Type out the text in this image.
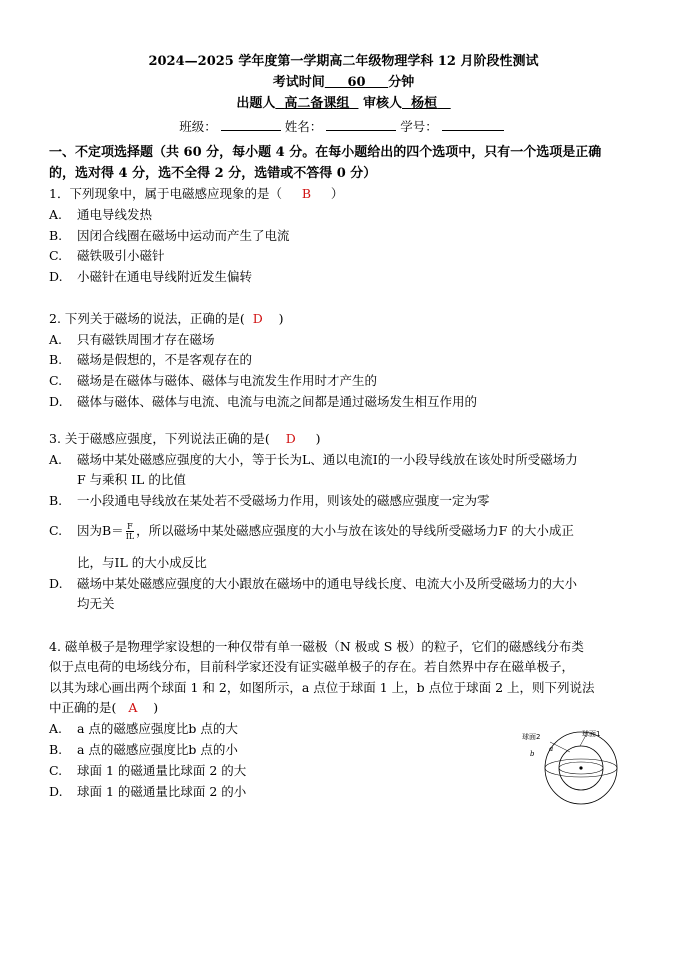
2024—2025 学年度第一学期高二年级物理学科 12 月阶段性测试
考试时间 60 分钟
出题人 高二备课组 审核人 杨桓
班级：	姓名：	学号：
一、不定项选择题（共 60 分，每小题 4 分。在每小题给出的四个选项中，只有一个选项是正确
的，选对得 4 分，选不全得 2 分，选错或不答得 0 分）
1．下列现象中，属于电磁感应现象的是（ B ）
A. 通电导线发热
B. 因闭合线圈在磁场中运动而产生了电流
C. 磁铁吸引小磁针
D. 小磁针在通电导线附近发生偏转
2. 下列关于磁场的说法，正确的是( D )
A. 只有磁铁周围才存在磁场
B. 磁场是假想的，不是客观存在的
C. 磁场是在磁体与磁体、磁体与电流发生作用时才产生的
D. 磁体与磁体、磁体与电流、电流与电流之间都是通过磁场发生相互作用的
3. 关于磁感应强度，下列说法正确的是( D )
A. 磁场中某处磁感应强度的大小，等于长为L、通以电流I的一小段导线放在该处时所受磁场力
F 与乘积 IL 的比值
B. 一小段通电导线放在某处若不受磁场力作用，则该处的磁感应强度一定为零
C. 因为$B= \frac{F}{IL}$ ，所以磁场中某处磁感应强度的大小与放在该处的导线所受磁场力F 的大小成正
比，与IL 的大小成反比
D. 磁场中某处磁感应强度的大小跟放在磁场中的通电导线长度、电流大小及所受磁场力的大小
均无关
4. 磁单极子是物理学家设想的一种仅带有单一磁极（N 极或 S 极）的粒子，它们的磁感线分布类
似于点电荷的电场线分布，目前科学家还没有证实磁单极子的存在。若自然界中存在磁单极子，
以其为球心画出两个球面 1 和 2，如图所示，a 点位于球面 1 上，b 点位于球面 2 上，则下列说法
中正确的是( A )
A. a 点的磁感应强度比b 点的大
B. a 点的磁感应强度比b 点的小
C. 球面 1 的磁通量比球面 2 的大
D. 球面 1 的磁通量比球面 2 的小
球面2	球面1
a
b
